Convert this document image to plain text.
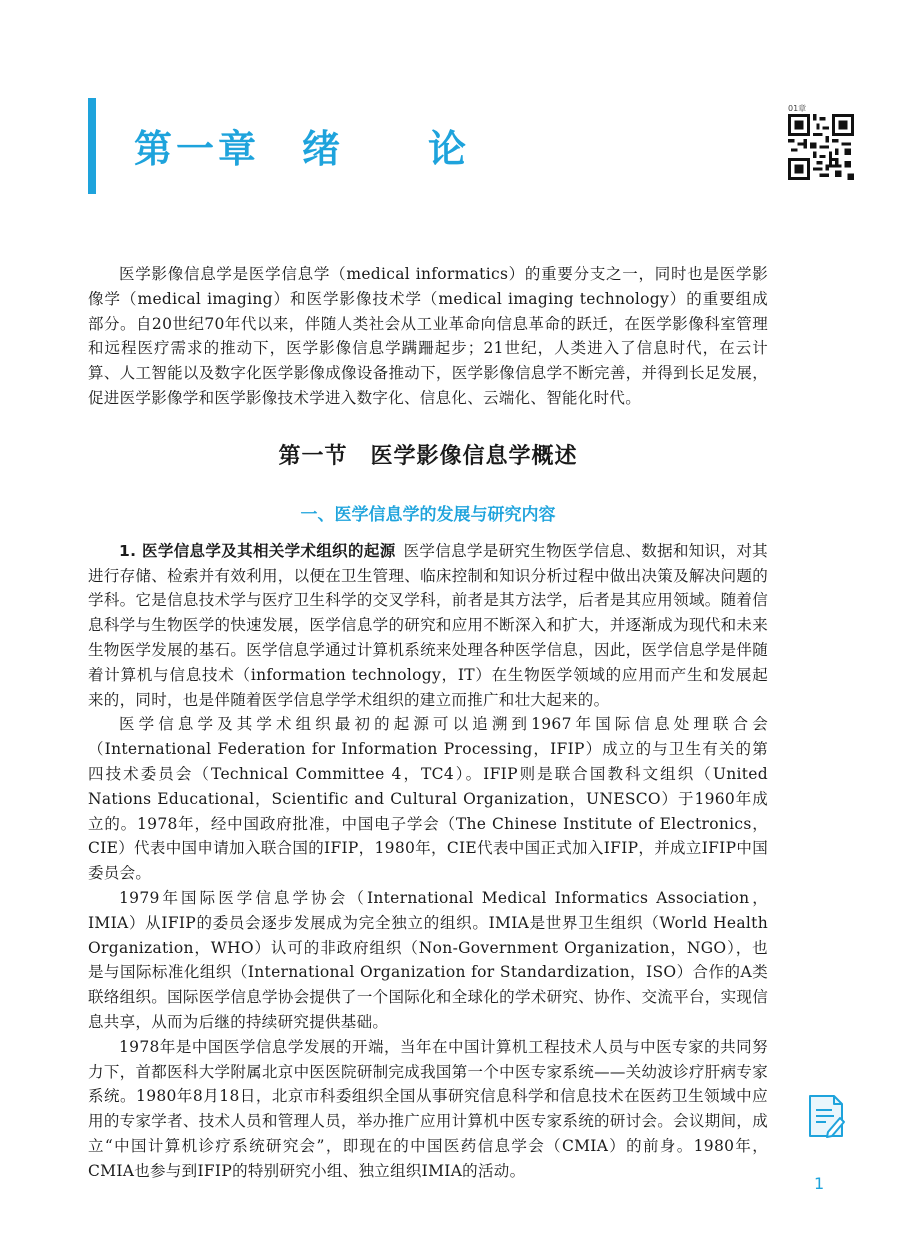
第一章　绪　　论
01章

医学影像信息学是医学信息学（medical informatics）的重要分支之一，同时也是医学影像学（medical imaging）和医学影像技术学（medical imaging technology）的重要组成部分。自20世纪70年代以来，伴随人类社会从工业革命向信息革命的跃迁，在医学影像科室管理和远程医疗需求的推动下，医学影像信息学蹒跚起步；21世纪，人类进入了信息时代，在云计算、人工智能以及数字化医学影像成像设备推动下，医学影像信息学不断完善，并得到长足发展，促进医学影像学和医学影像技术学进入数字化、信息化、云端化、智能化时代。

第一节　医学影像信息学概述
一、医学信息学的发展与研究内容

1. 医学信息学及其相关学术组织的起源 医学信息学是研究生物医学信息、数据和知识，对其进行存储、检索并有效利用，以便在卫生管理、临床控制和知识分析过程中做出决策及解决问题的学科。它是信息技术学与医疗卫生科学的交叉学科，前者是其方法学，后者是其应用领域。随着信息科学与生物医学的快速发展，医学信息学的研究和应用不断深入和扩大，并逐渐成为现代和未来生物医学发展的基石。医学信息学通过计算机系统来处理各种医学信息，因此，医学信息学是伴随着计算机与信息技术（information technology，IT）在生物医学领域的应用而产生和发展起来的，同时，也是伴随着医学信息学学术组织的建立而推广和壮大起来的。

医学信息学及其学术组织最初的起源可以追溯到1967年国际信息处理联合会（International Federation for Information Processing，IFIP）成立的与卫生有关的第四技术委员会（Technical Committee 4，TC4）。IFIP则是联合国教科文组织（United Nations Educational，Scientific and Cultural Organization，UNESCO）于1960年成立的。1978年，经中国政府批准，中国电子学会（The Chinese Institute of Electronics，CIE）代表中国申请加入联合国的IFIP，1980年，CIE代表中国正式加入IFIP，并成立IFIP中国委员会。

1979年国际医学信息学协会（International Medical Informatics Association，IMIA）从IFIP的委员会逐步发展成为完全独立的组织。IMIA是世界卫生组织（World Health Organization，WHO）认可的非政府组织（Non-Government Organization，NGO），也是与国际标准化组织（International Organization for Standardization，ISO）合作的A类联络组织。国际医学信息学协会提供了一个国际化和全球化的学术研究、协作、交流平台，实现信息共享，从而为后继的持续研究提供基础。

1978年是中国医学信息学发展的开端，当年在中国计算机工程技术人员与中医专家的共同努力下，首都医科大学附属北京中医医院研制完成我国第一个中医专家系统——关幼波诊疗肝病专家系统。1980年8月18日，北京市科委组织全国从事研究信息科学和信息技术在医药卫生领域中应用的专家学者、技术人员和管理人员，举办推广应用计算机中医专家系统的研讨会。会议期间，成立“中国计算机诊疗系统研究会”，即现在的中国医药信息学会（CMIA）的前身。1980年，CMIA也参与到IFIP的特别研究小组、独立组织IMIA的活动。

1
